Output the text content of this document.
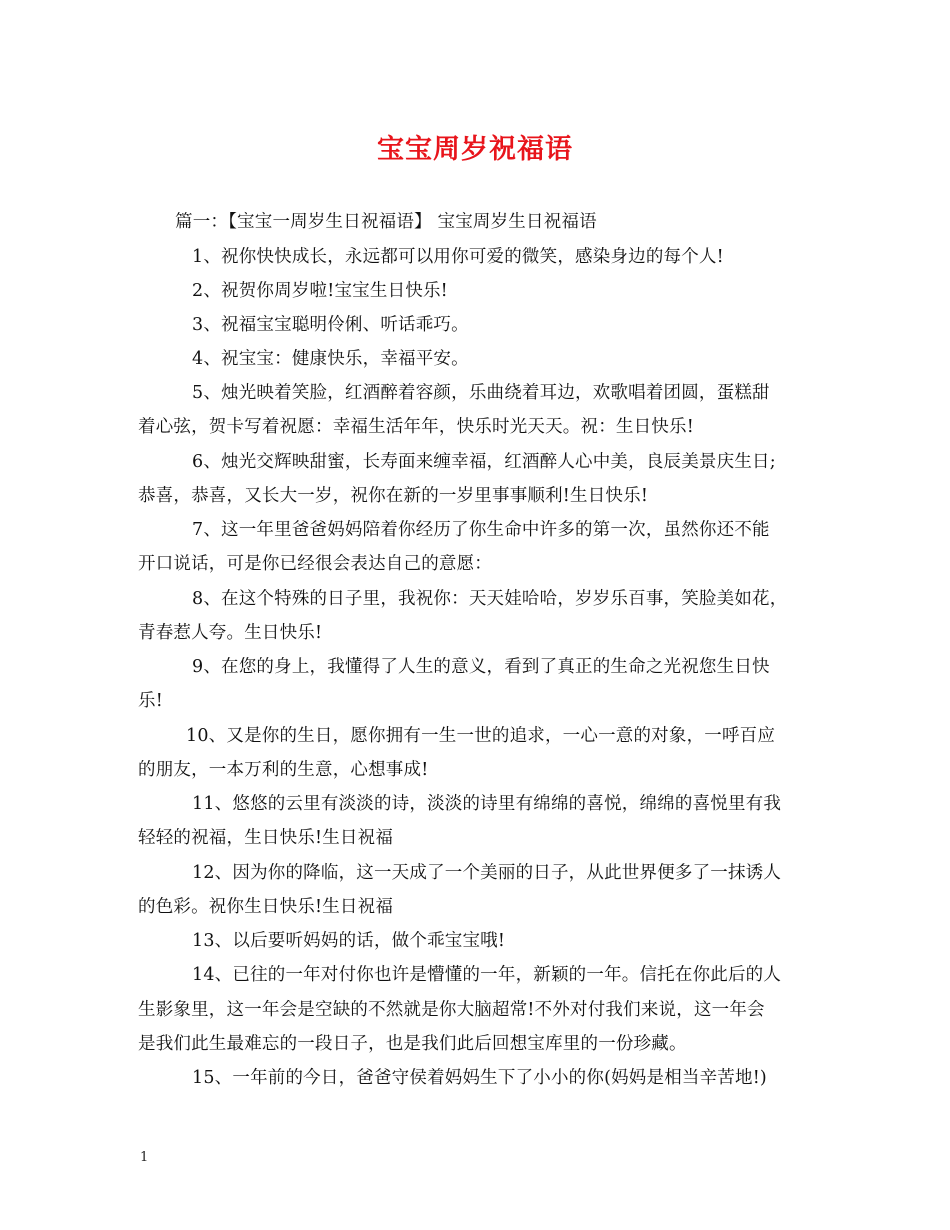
宝宝周岁祝福语
篇一：【宝宝一周岁生日祝福语】 宝宝周岁生日祝福语
1、祝你快快成长，永远都可以用你可爱的微笑，感染身边的每个人!
2、祝贺你周岁啦!宝宝生日快乐!
3、祝福宝宝聪明伶俐、听话乖巧。
4、祝宝宝：健康快乐，幸福平安。
5、烛光映着笑脸，红酒醉着容颜，乐曲绕着耳边，欢歌唱着团圆，蛋糕甜
着心弦，贺卡写着祝愿：幸福生活年年，快乐时光天天。祝：生日快乐!
6、烛光交辉映甜蜜，长寿面来缠幸福，红酒醉人心中美，良辰美景庆生日;
恭喜，恭喜，又长大一岁，祝你在新的一岁里事事顺利!生日快乐!
7、这一年里爸爸妈妈陪着你经历了你生命中许多的第一次，虽然你还不能
开口说话，可是你已经很会表达自己的意愿：
8、在这个特殊的日子里，我祝你：天天娃哈哈，岁岁乐百事，笑脸美如花，
青春惹人夸。生日快乐!
9、在您的身上，我懂得了人生的意义，看到了真正的生命之光祝您生日快
乐!
10、又是你的生日，愿你拥有一生一世的追求，一心一意的对象，一呼百应
的朋友，一本万利的生意，心想事成!
11、悠悠的云里有淡淡的诗，淡淡的诗里有绵绵的喜悦，绵绵的喜悦里有我
轻轻的祝福，生日快乐!生日祝福
12、因为你的降临，这一天成了一个美丽的日子，从此世界便多了一抹诱人
的色彩。祝你生日快乐!生日祝福
13、以后要听妈妈的话，做个乖宝宝哦!
14、已往的一年对付你也许是懵懂的一年，新颖的一年。信托在你此后的人
生影象里，这一年会是空缺的不然就是你大脑超常!不外对付我们来说，这一年会
是我们此生最难忘的一段日子，也是我们此后回想宝库里的一份珍藏。
15、一年前的今日，爸爸守侯着妈妈生下了小小的你(妈妈是相当辛苦地!)
1
